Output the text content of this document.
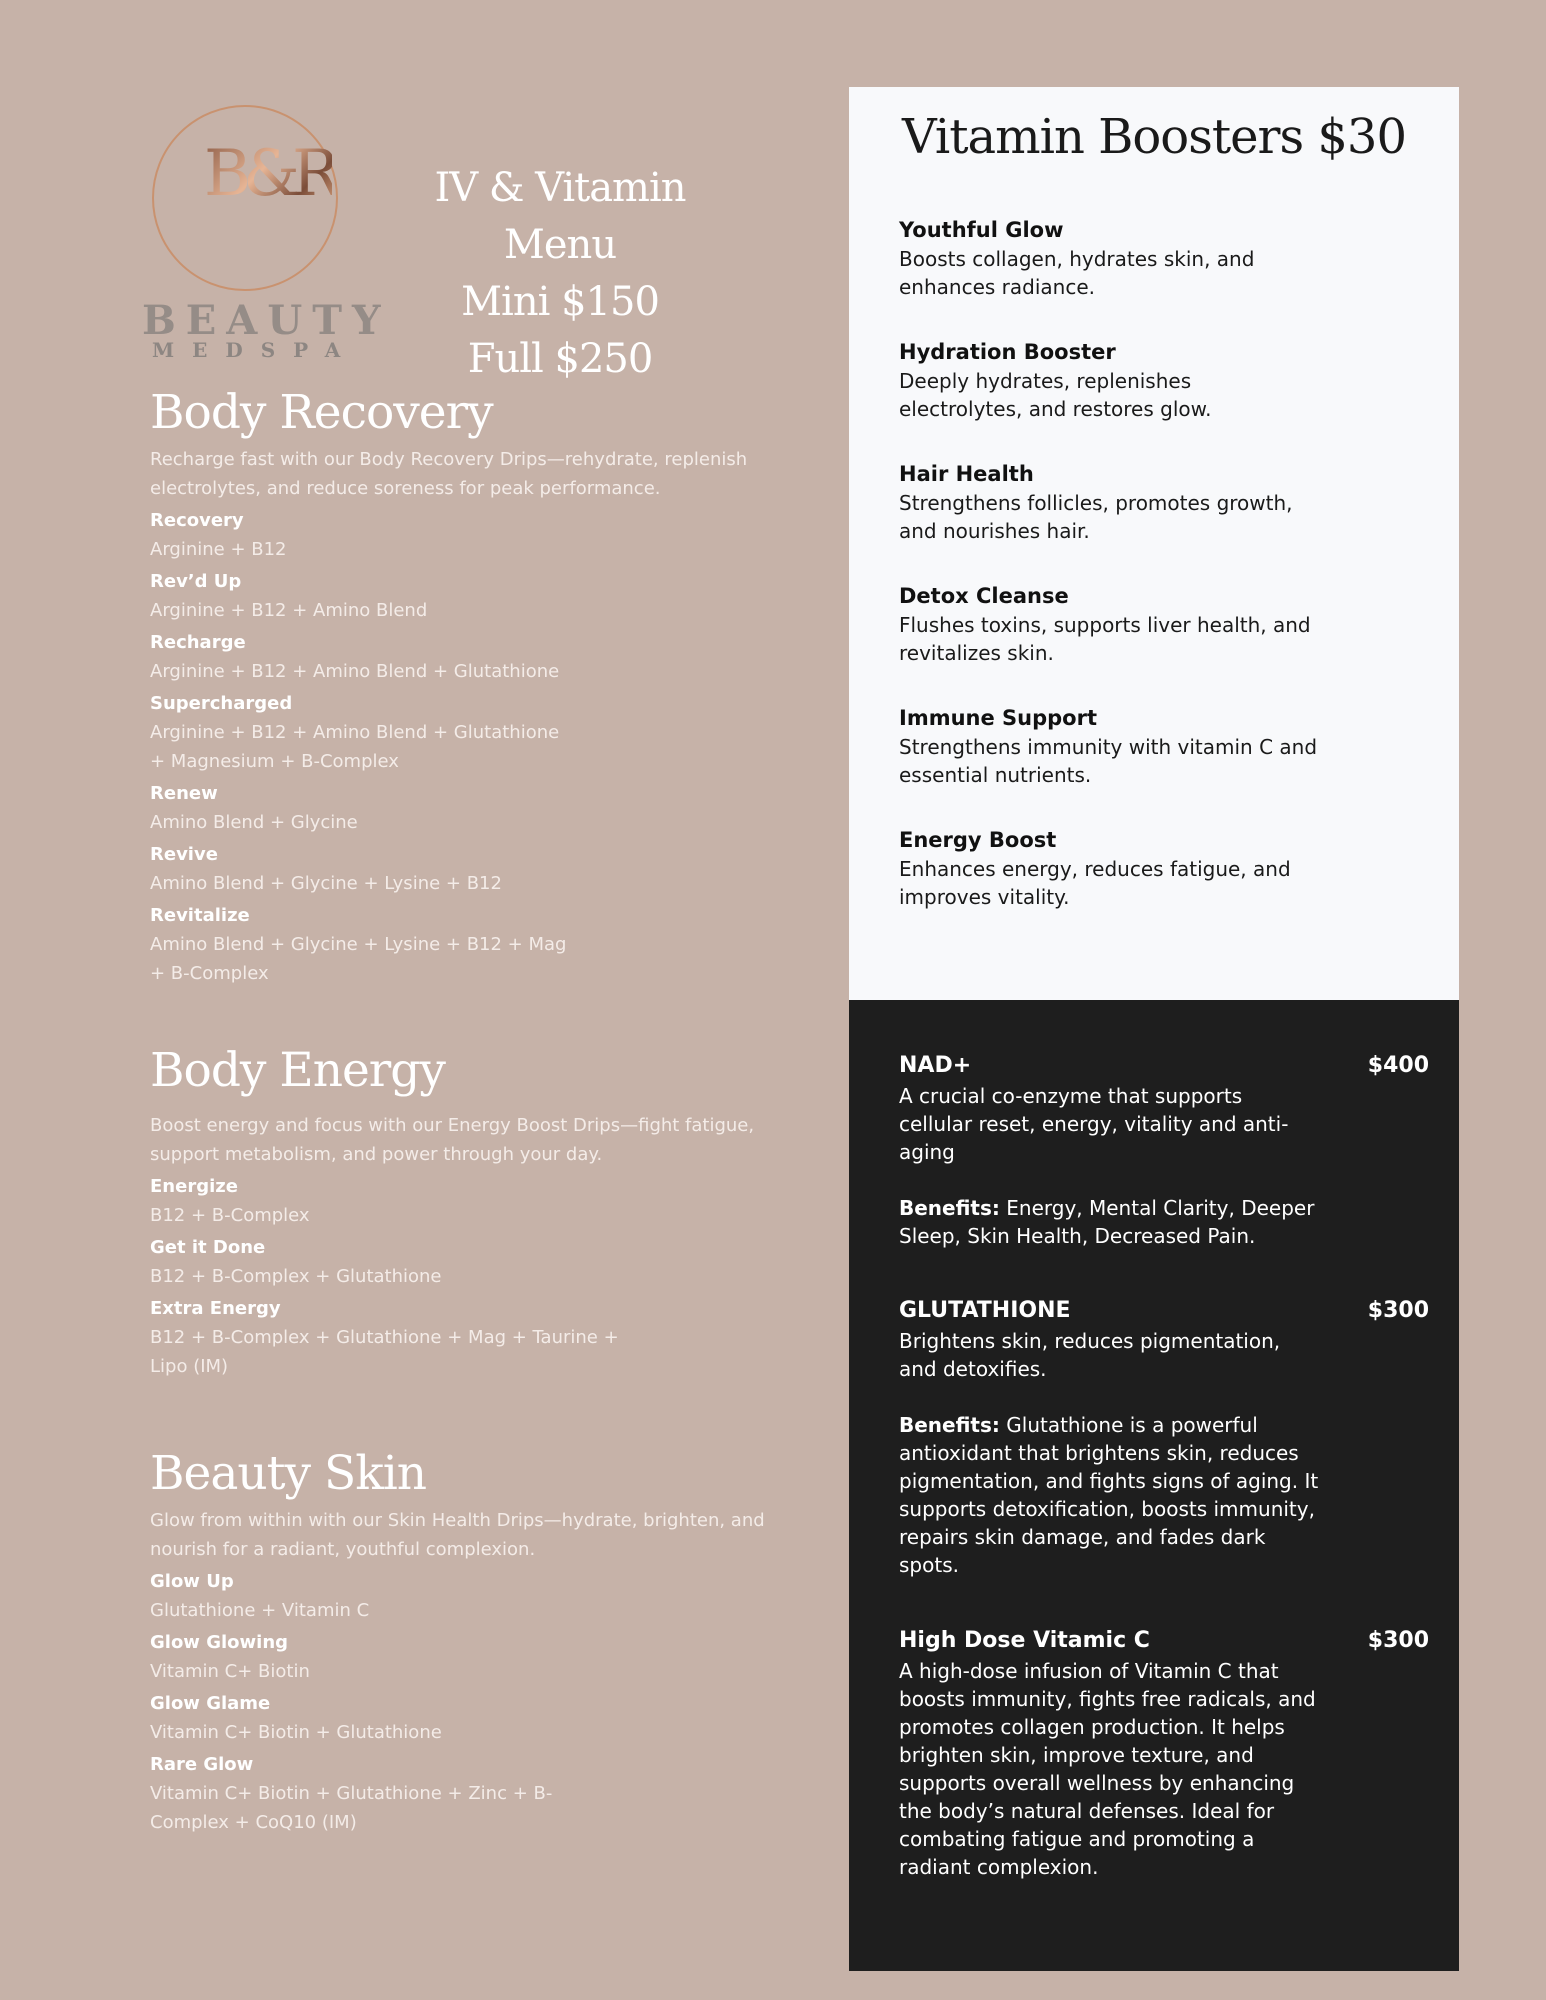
B&R
BEAUTY
MEDSPA
IV & Vitamin Menu
Mini $150
Full $250
Body Recovery
Recharge fast with our Body Recovery Drips—rehydrate, replenish electrolytes, and reduce soreness for peak performance.
Recovery
Arginine + B12
Rev’d Up
Arginine + B12 + Amino Blend
Recharge
Arginine + B12 + Amino Blend + Glutathione
Supercharged
Arginine + B12 + Amino Blend + Glutathione + Magnesium + B-Complex
Renew
Amino Blend + Glycine
Revive
Amino Blend + Glycine + Lysine + B12
Revitalize
Amino Blend + Glycine + Lysine + B12 + Mag + B-Complex
Body Energy
Boost energy and focus with our Energy Boost Drips—fight fatigue, support metabolism, and power through your day.
Energize
B12 + B-Complex
Get it Done
B12 + B-Complex + Glutathione
Extra Energy
B12 + B-Complex + Glutathione + Mag + Taurine + Lipo (IM)
Beauty Skin
Glow from within with our Skin Health Drips—hydrate, brighten, and nourish for a radiant, youthful complexion.
Glow Up
Glutathione + Vitamin C
Glow Glowing
Vitamin C+ Biotin
Glow Glame
Vitamin C+ Biotin + Glutathione
Rare Glow
Vitamin C+ Biotin + Glutathione + Zinc + B-Complex + CoQ10 (IM)
Vitamin Boosters $30
Youthful Glow
Boosts collagen, hydrates skin, and enhances radiance.
Hydration Booster
Deeply hydrates, replenishes electrolytes, and restores glow.
Hair Health
Strengthens follicles, promotes growth, and nourishes hair.
Detox Cleanse
Flushes toxins, supports liver health, and revitalizes skin.
Immune Support
Strengthens immunity with vitamin C and essential nutrients.
Energy Boost
Enhances energy, reduces fatigue, and improves vitality.
NAD+	$400
A crucial co-enzyme that supports cellular reset, energy, vitality and anti-aging
Benefits: Energy, Mental Clarity, Deeper Sleep, Skin Health, Decreased Pain.
GLUTATHIONE	$300
Brightens skin, reduces pigmentation, and detoxifies.
Benefits: Glutathione is a powerful antioxidant that brightens skin, reduces pigmentation, and fights signs of aging. It supports detoxification, boosts immunity, repairs skin damage, and fades dark spots.
High Dose Vitamic C	$300
A high-dose infusion of Vitamin C that boosts immunity, fights free radicals, and promotes collagen production. It helps brighten skin, improve texture, and supports overall wellness by enhancing the body’s natural defenses. Ideal for combating fatigue and promoting a radiant complexion.
